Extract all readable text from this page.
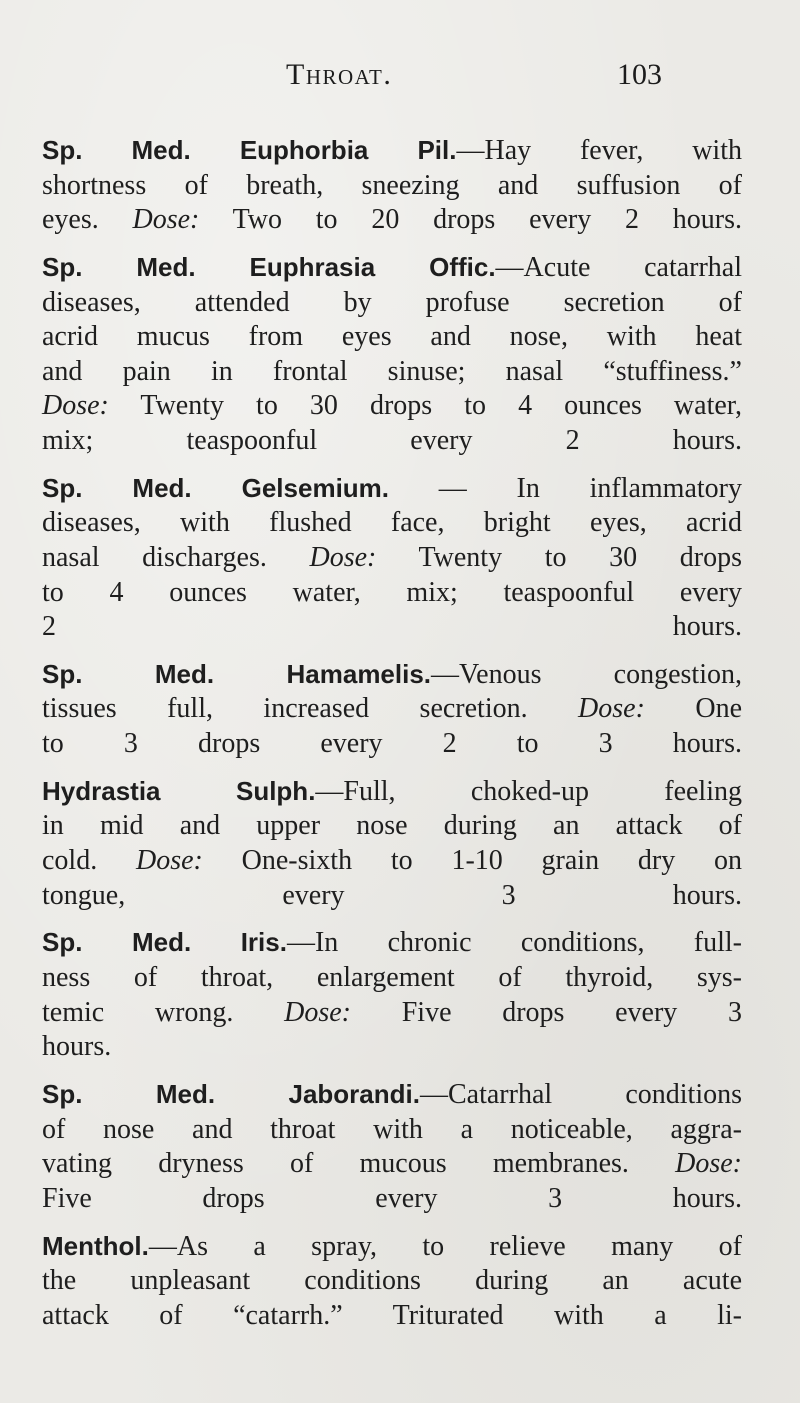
Throat.	103
Sp. Med. Euphorbia Pil.—Hay fever, with
shortness of breath, sneezing and suffusion of
eyes. Dose: Two to 20 drops every 2 hours.
Sp. Med. Euphrasia Offic.—Acute catarrhal
diseases, attended by profuse secretion of
acrid mucus from eyes and nose, with heat
and pain in frontal sinuse; nasal “stuffiness.”
Dose: Twenty to 30 drops to 4 ounces water,
mix; teaspoonful every 2 hours.
Sp. Med. Gelsemium. — In inflammatory
diseases, with flushed face, bright eyes, acrid
nasal discharges. Dose: Twenty to 30 drops
to 4 ounces water, mix; teaspoonful every
2 hours.
Sp. Med. Hamamelis.—Venous congestion,
tissues full, increased secretion. Dose: One
to 3 drops every 2 to 3 hours.
Hydrastia Sulph.—Full, choked-up feeling
in mid and upper nose during an attack of
cold. Dose: One-sixth to 1-10 grain dry on
tongue, every 3 hours.
Sp. Med. Iris.—In chronic conditions, full-
ness of throat, enlargement of thyroid, sys-
temic wrong. Dose: Five drops every 3
hours.
Sp. Med. Jaborandi.—Catarrhal conditions
of nose and throat with a noticeable, aggra-
vating dryness of mucous membranes. Dose:
Five drops every 3 hours.
Menthol.—As a spray, to relieve many of
the unpleasant conditions during an acute
attack of “catarrh.” Triturated with a li-
